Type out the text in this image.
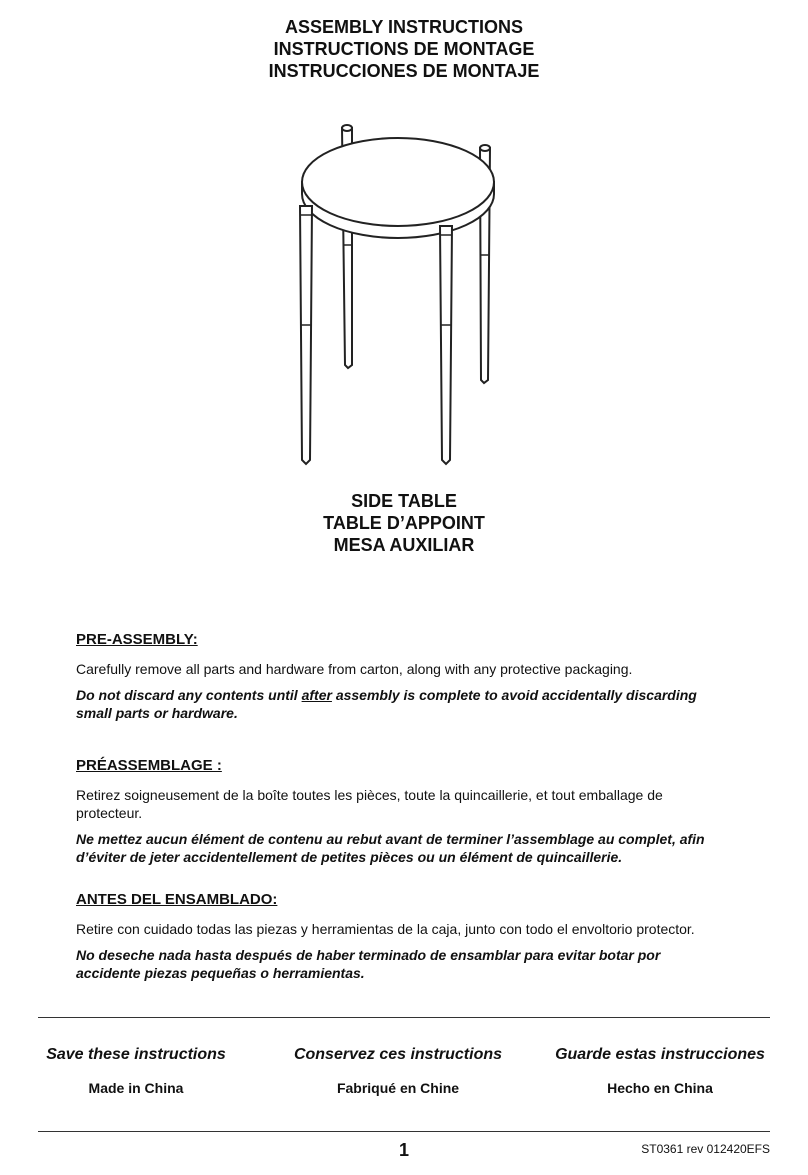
ASSEMBLY INSTRUCTIONS
INSTRUCTIONS DE MONTAGE
INSTRUCCIONES DE MONTAJE
SIDE TABLE
TABLE D’APPOINT
MESA AUXILIAR
PRE-ASSEMBLY:

Carefully remove all parts and hardware from carton, along with any protective packaging.

Do not discard any contents until after assembly is complete to avoid accidentally discarding small parts or hardware.

PRÉASSEMBLAGE :

Retirez soigneusement de la boîte toutes les pièces, toute la quincaillerie, et tout emballage de protecteur.

Ne mettez aucun élément de contenu au rebut avant de terminer l’assemblage au complet, afin d’éviter de jeter accidentellement de petites pièces ou un élément de quincaillerie.

ANTES DEL ENSAMBLADO:

Retire con cuidado todas las piezas y herramientas de la caja, junto con todo el envoltorio protector.

No deseche nada hasta después de haber terminado de ensamblar para evitar botar por accidente piezas pequeñas o herramientas.

Save these instructions
Made in China
Conservez ces instructions
Fabriqué en Chine
Guarde estas instrucciones
Hecho en China
1	ST0361 rev 012420EFS
